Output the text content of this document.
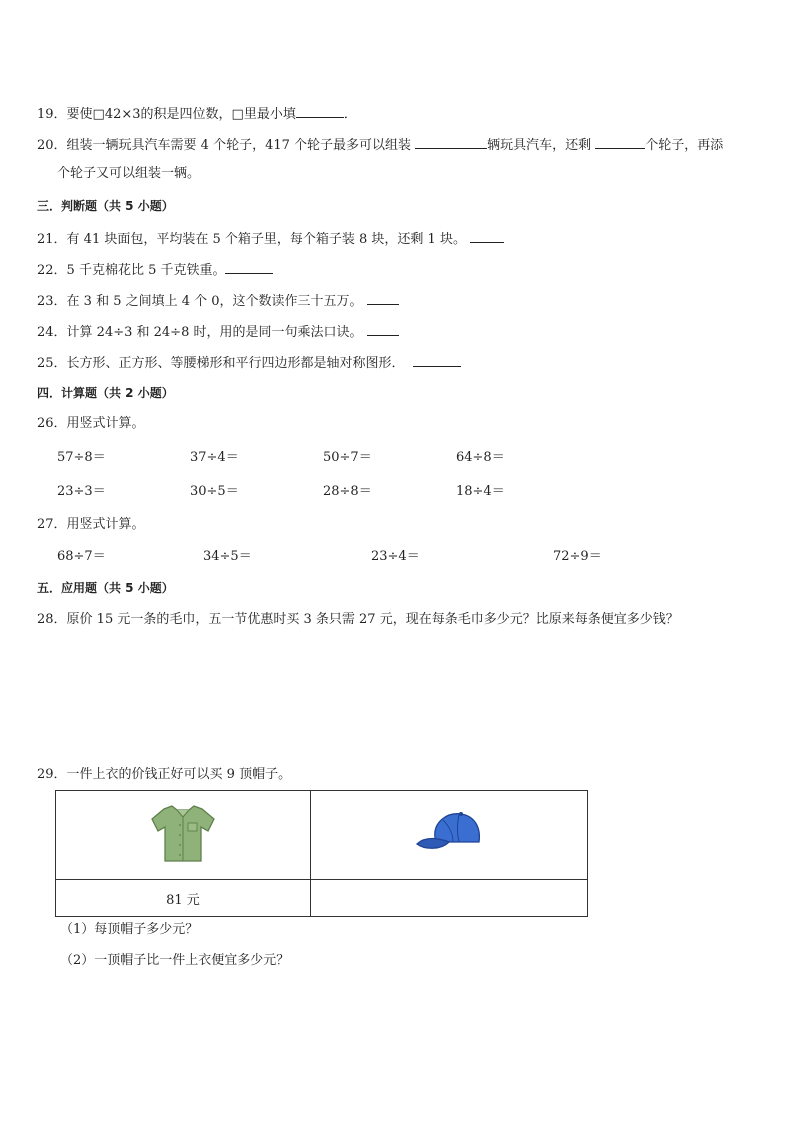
19．要使□42×3的积是四位数，□里最小填	．
20．组装一辆玩具汽车需要 4 个轮子，417 个轮子最多可以组装	辆玩具汽车，还剩	个轮子，再添
个轮子又可以组装一辆。
三．判断题（共 5 小题）
21．有 41 块面包，平均装在 5 个箱子里，每个箱子装 8 块，还剩 1 块。
22．5 千克棉花比 5 千克铁重。
23．在 3 和 5 之间填上 4 个 0，这个数读作三十五万。
24．计算 24÷3 和 24÷8 时，用的是同一句乘法口诀。
25．长方形、正方形、等腰梯形和平行四边形都是轴对称图形．
四．计算题（共 2 小题）
26．用竖式计算。
57÷8＝	37÷4＝	50÷7＝	64÷8＝
23÷3＝	30÷5＝	28÷8＝	18÷4＝
27．用竖式计算。
68÷7＝	34÷5＝	23÷4＝	72÷9＝
五．应用题（共 5 小题）
28．原价 15 元一条的毛巾，五一节优惠时买 3 条只需 27 元，现在每条毛巾多少元？比原来每条便宜多少钱？
29．一件上衣的价钱正好可以买 9 顶帽子。

81 元	
（1）每顶帽子多少元？
（2）一顶帽子比一件上衣便宜多少元？
